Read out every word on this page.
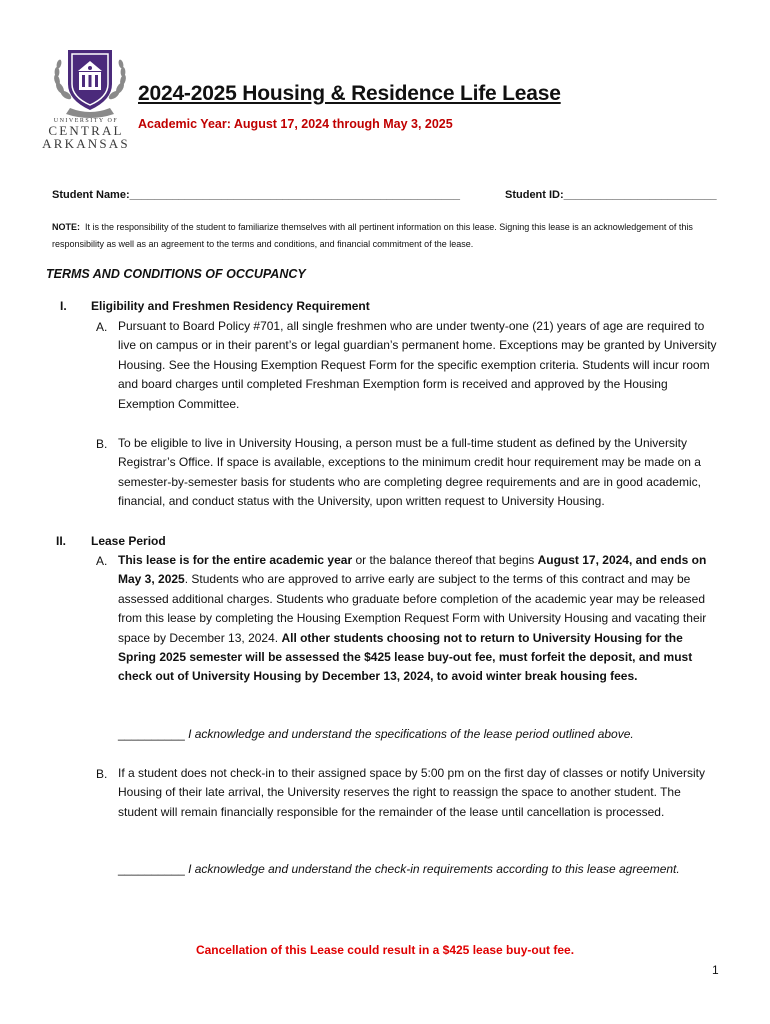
UNIVERSITY OF
CENTRAL
ARKANSAS
2024-2025 Housing & Residence Life Lease
Academic Year: August 17, 2024 through May 3, 2025
Student Name:______________________________________________________	Student ID:_________________________
NOTE: It is the responsibility of the student to familiarize themselves with all pertinent information on this lease. Signing this lease is an acknowledgement of this responsibility as well as an agreement to the terms and conditions, and financial commitment of the lease.
TERMS AND CONDITIONS OF OCCUPANCY
I. Eligibility and Freshmen Residency Requirement
A. Pursuant to Board Policy #701, all single freshmen who are under twenty-one (21) years of age are required to live on campus or in their parent’s or legal guardian’s permanent home. Exceptions may be granted by University Housing. See the Housing Exemption Request Form for the specific exemption criteria. Students will incur room and board charges until completed Freshman Exemption form is received and approved by the Housing Exemption Committee.
B. To be eligible to live in University Housing, a person must be a full-time student as defined by the University Registrar’s Office. If space is available, exceptions to the minimum credit hour requirement may be made on a semester-by-semester basis for students who are completing degree requirements and are in good academic, financial, and conduct status with the University, upon written request to University Housing.
II. Lease Period
A. This lease is for the entire academic year or the balance thereof that begins August 17, 2024, and ends on May 3, 2025. Students who are approved to arrive early are subject to the terms of this contract and may be assessed additional charges. Students who graduate before completion of the academic year may be released from this lease by completing the Housing Exemption Request Form with University Housing and vacating their space by December 13, 2024. All other students choosing not to return to University Housing for the Spring 2025 semester will be assessed the $425 lease buy-out fee, must forfeit the deposit, and must check out of University Housing by December 13, 2024, to avoid winter break housing fees.
__________ I acknowledge and understand the specifications of the lease period outlined above.
B. If a student does not check-in to their assigned space by 5:00 pm on the first day of classes or notify University Housing of their late arrival, the University reserves the right to reassign the space to another student. The student will remain financially responsible for the remainder of the lease until cancellation is processed.
__________ I acknowledge and understand the check-in requirements according to this lease agreement.
Cancellation of this Lease could result in a $425 lease buy-out fee.
1
